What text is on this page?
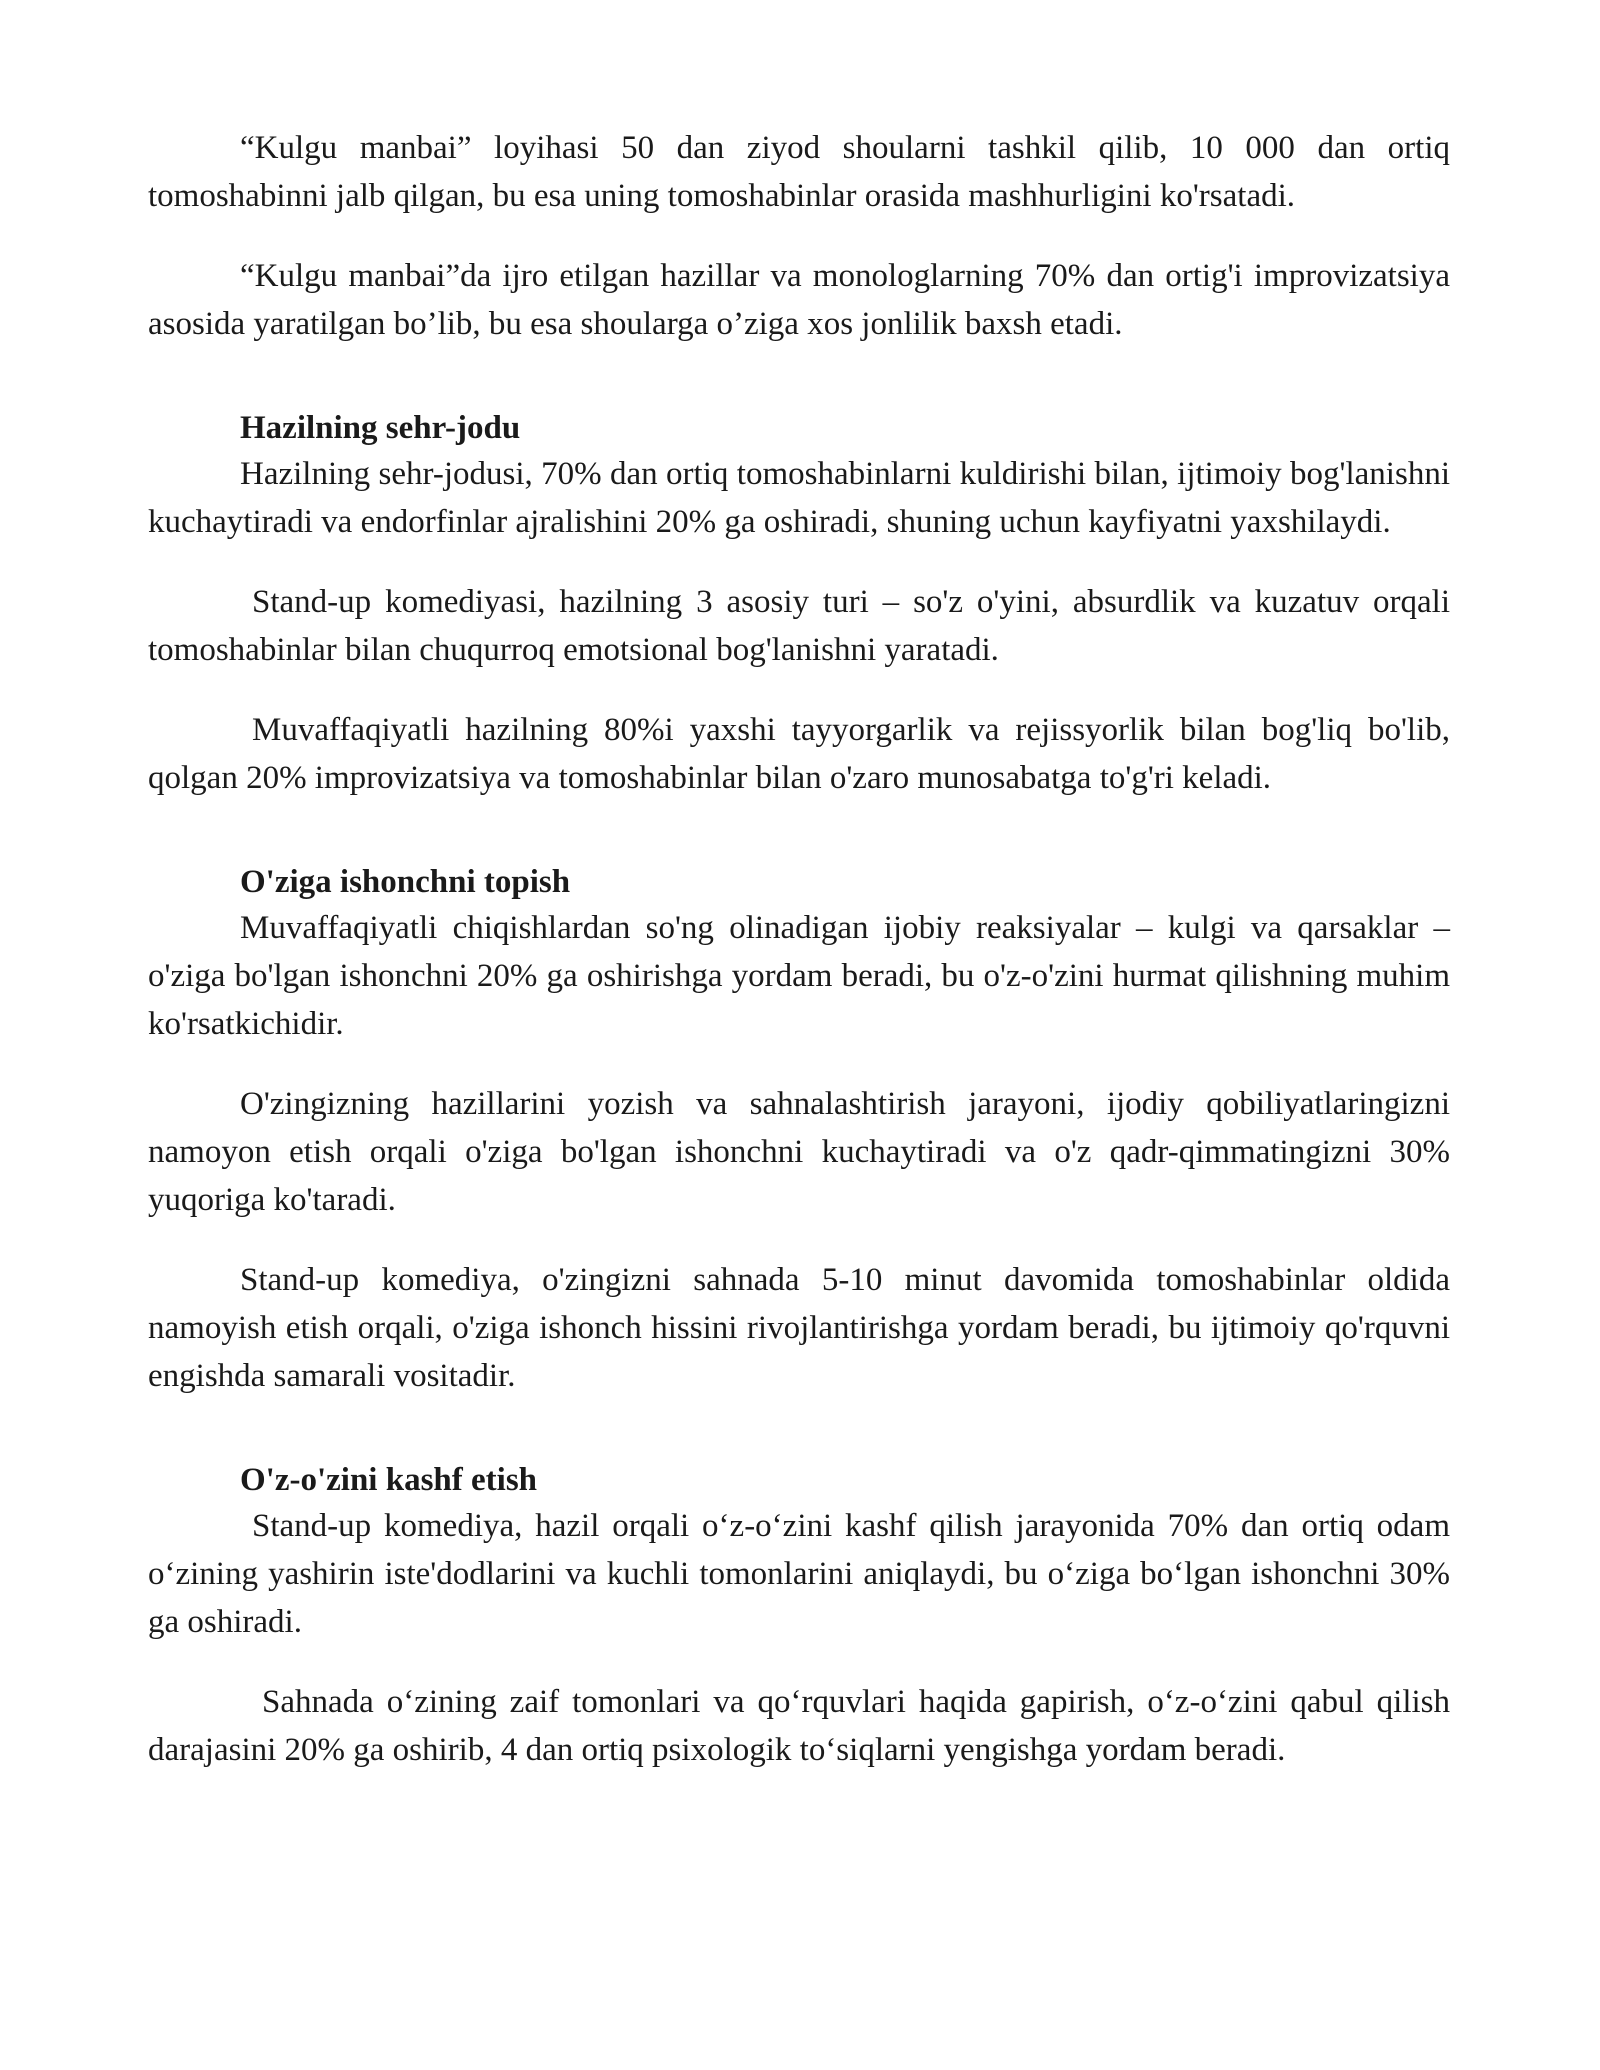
“Kulgu manbai” loyihasi 50 dan ziyod shoularni tashkil qilib, 10 000 dan ortiq tomoshabinni jalb qilgan, bu esa uning tomoshabinlar orasida mashhurligini ko'rsatadi.

“Kulgu manbai”da ijro etilgan hazillar va monologlarning 70% dan ortig'i improvizatsiya asosida yaratilgan bo’lib, bu esa shoularga o’ziga xos jonlilik baxsh etadi.

Hazilning sehr-jodu

Hazilning sehr-jodusi, 70% dan ortiq tomoshabinlarni kuldirishi bilan, ijtimoiy bog'lanishni kuchaytiradi va endorfinlar ajralishini 20% ga oshiradi, shuning uchun kayfiyatni yaxshilaydi.

Stand-up komediyasi, hazilning 3 asosiy turi – so'z o'yini, absurdlik va kuzatuv orqali tomoshabinlar bilan chuqurroq emotsional bog'lanishni yaratadi.

Muvaffaqiyatli hazilning 80%i yaxshi tayyorgarlik va rejissyorlik bilan bog'liq bo'lib, qolgan 20% improvizatsiya va tomoshabinlar bilan o'zaro munosabatga to'g'ri keladi.

O'ziga ishonchni topish

Muvaffaqiyatli chiqishlardan so'ng olinadigan ijobiy reaksiyalar – kulgi va qarsaklar – o'ziga bo'lgan ishonchni 20% ga oshirishga yordam beradi, bu o'z-o'zini hurmat qilishning muhim ko'rsatkichidir.

O'zingizning hazillarini yozish va sahnalashtirish jarayoni, ijodiy qobiliyatlaringizni namoyon etish orqali o'ziga bo'lgan ishonchni kuchaytiradi va o'z qadr-qimmatingizni 30% yuqoriga ko'taradi.

Stand-up komediya, o'zingizni sahnada 5-10 minut davomida tomoshabinlar oldida namoyish etish orqali, o'ziga ishonch hissini rivojlantirishga yordam beradi, bu ijtimoiy qo'rquvni engishda samarali vositadir.

O'z-o'zini kashf etish

Stand-up komediya, hazil orqali o‘z-o‘zini kashf qilish jarayonida 70% dan ortiq odam o‘zining yashirin iste'dodlarini va kuchli tomonlarini aniqlaydi, bu o‘ziga bo‘lgan ishonchni 30% ga oshiradi.

Sahnada o‘zining zaif tomonlari va qo‘rquvlari haqida gapirish, o‘z-o‘zini qabul qilish darajasini 20% ga oshirib, 4 dan ortiq psixologik to‘siqlarni yengishga yordam beradi.
